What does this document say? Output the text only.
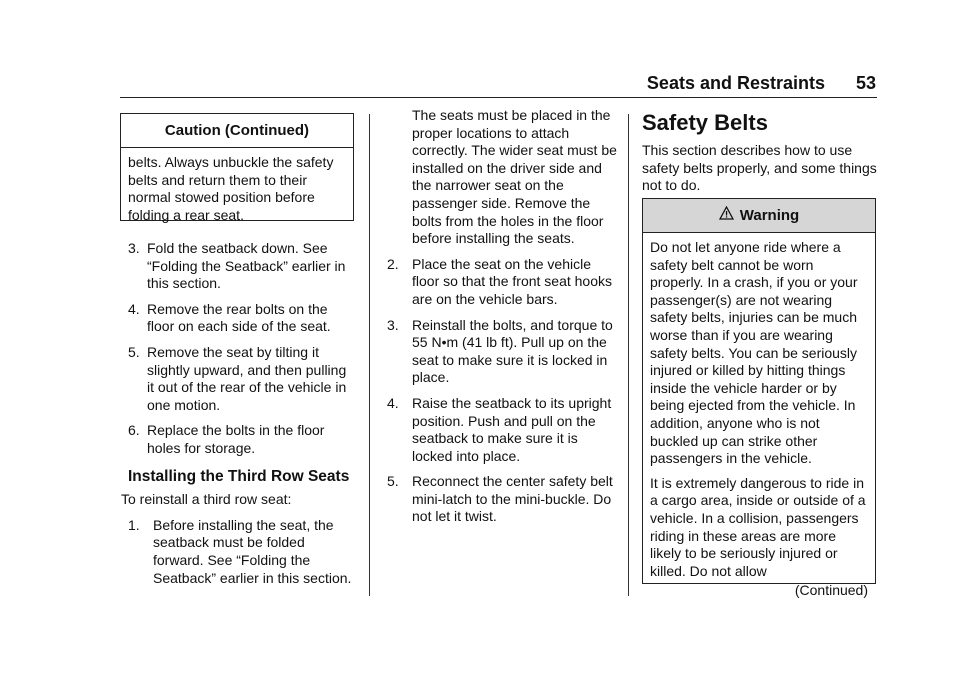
Seats and Restraints 53
Caution (Continued)

belts. Always unbuckle the safety belts and return them to their normal stowed position before folding a rear seat.

3. Fold the seatback down. See “Folding the Seatback” earlier in this section.
4. Remove the rear bolts on the floor on each side of the seat.
5. Remove the seat by tilting it slightly upward, and then pulling it out of the rear of the vehicle in one motion.
6. Replace the bolts in the floor holes for storage.
Installing the Third Row Seats

To reinstall a third row seat:

1. Before installing the seat, the seatback must be folded forward. See “Folding the Seatback” earlier in this section.

The seats must be placed in the proper locations to attach correctly. The wider seat must be installed on the driver side and the narrower seat on the passenger side. Remove the bolts from the holes in the floor before installing the seats.

2. Place the seat on the vehicle floor so that the front seat hooks are on the vehicle bars.
3. Reinstall the bolts, and torque to 55 N•m (41 lb ft). Pull up on the seat to make sure it is locked in place.
4. Raise the seatback to its upright position. Push and pull on the seatback to make sure it is locked into place.
5. Reconnect the center safety belt mini-latch to the mini-buckle. Do not let it twist.
Safety Belts

This section describes how to use safety belts properly, and some things not to do.

Warning

Do not let anyone ride where a safety belt cannot be worn properly. In a crash, if you or your passenger(s) are not wearing safety belts, injuries can be much worse than if you are wearing safety belts. You can be seriously injured or killed by hitting things inside the vehicle harder or by being ejected from the vehicle. In addition, anyone who is not buckled up can strike other passengers in the vehicle.

It is extremely dangerous to ride in a cargo area, inside or outside of a vehicle. In a collision, passengers riding in these areas are more likely to be seriously injured or killed. Do not allow

(Continued)
